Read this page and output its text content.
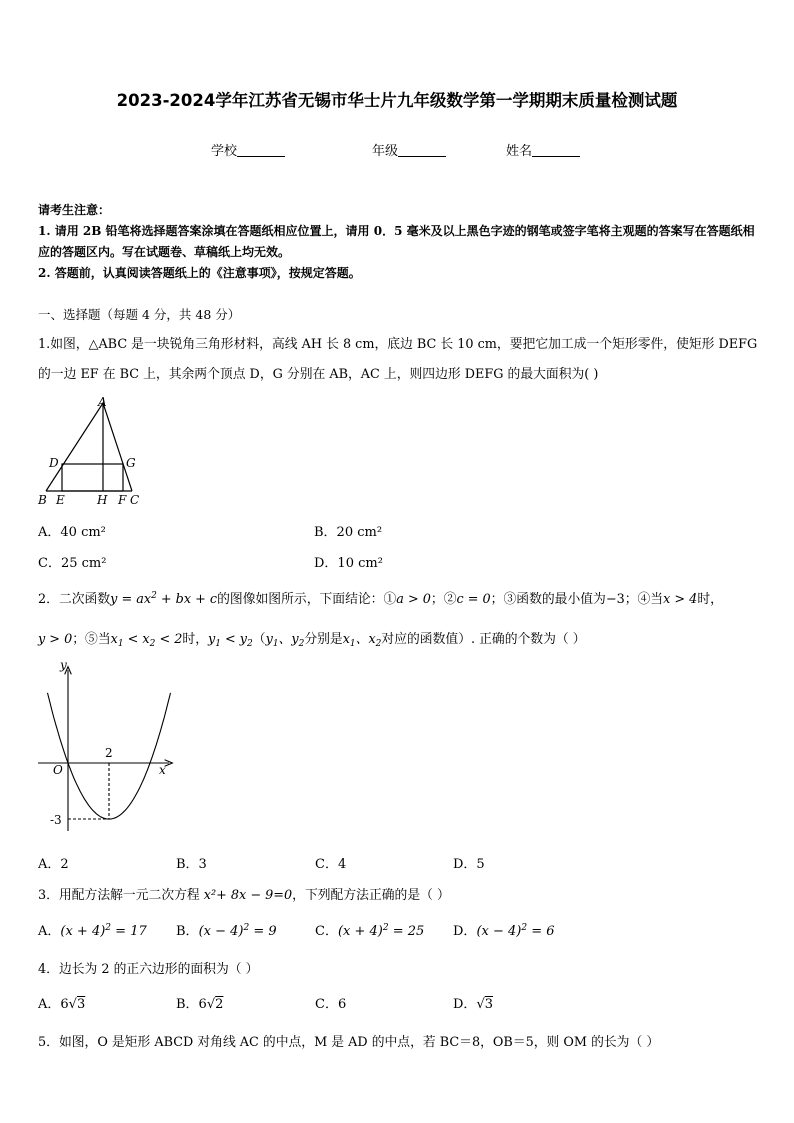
2023-2024学年江苏省无锡市华士片九年级数学第一学期期末质量检测试题
学校	年级	姓名
请考生注意：
1. 请用 2B 铅笔将选择题答案涂填在答题纸相应位置上，请用 0．5 毫米及以上黑色字迹的钢笔或签字笔将主观题的答案写在答题纸相应的答题区内。写在试题卷、草稿纸上均无效。
2. 答题前，认真阅读答题纸上的《注意事项》，按规定答题。
一、选择题（每题 4 分，共 48 分）
1.如图，△ABC 是一块锐角三角形材料，高线 AH 长 8 cm，底边 BC 长 10 cm，要把它加工成一个矩形零件，使矩形 DEFG
的一边 EF 在 BC 上，其余两个顶点 D，G 分别在 AB，AC 上，则四边形 DEFG 的最大面积为( )
A
D	G
B E	H F C
A．40 cm²	B．20 cm²
C．25 cm²	D．10 cm²
2．二次函数$y = ax^2$ + bx + c的图像如图所示，下面结论：①a > 0；②c = 0；③函数的最小值为−3；④当x > 4时，
y > 0；⑤当$x_1 < x_2 < 2$时，$y_1 < y_2(y_1$、$y_2$分别是$x_1$、$x_2$对应的函数值）. 正确的个数为（ ）
y
x
O
2
-3
A．2	B．3	C．4	D．5
3．用配方法解一元二次方程 x²+ 8x − 9=0，下列配方法正确的是（ ）
A．$(x + 4)^2 = 17$ B．$(x - 4)^2 = 9$	C．$(x + 4)^2 = 25$ D．$(x - 4)^2 = 6$
4．边长为 2 的正六边形的面积为（ ）
A．6√3	B．6√2	C．6	D．√3
5．如图，O 是矩形 ABCD 对角线 AC 的中点，M 是 AD 的中点，若 BC＝8，OB＝5，则 OM 的长为（ ）
